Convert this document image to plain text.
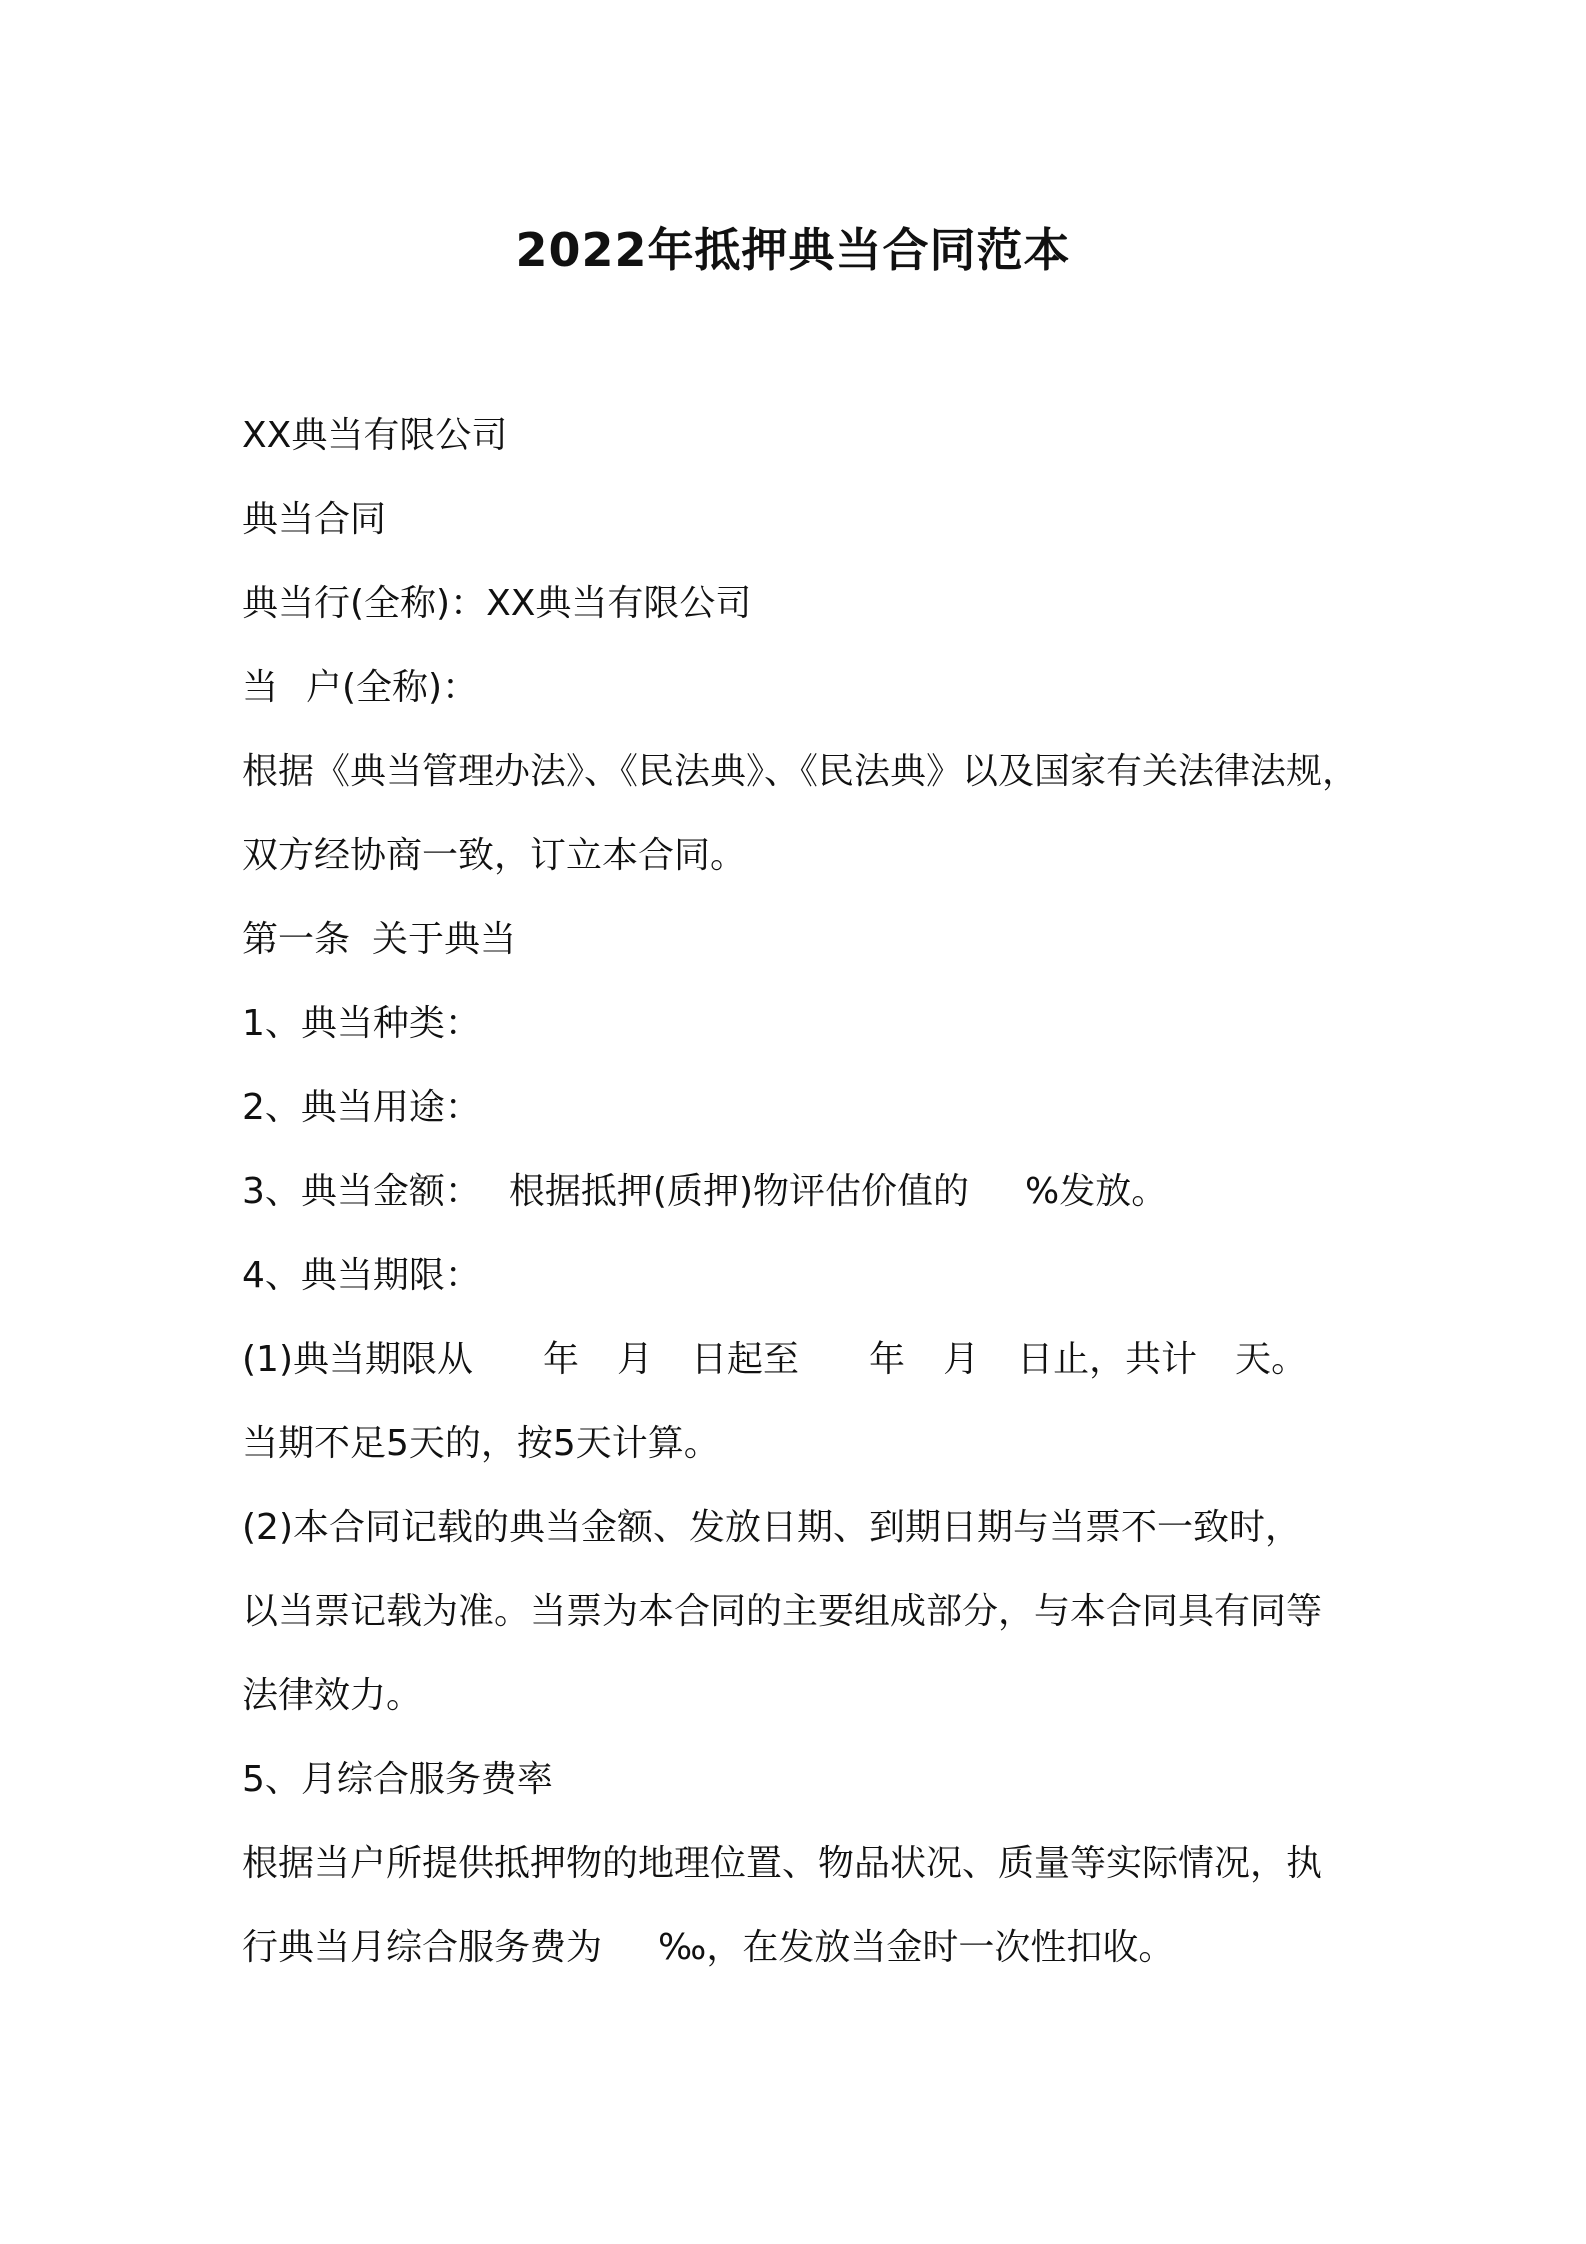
2022年抵押典当合同范本
XX典当有限公司
典当合同
典当行(全称)：XX典当有限公司
当 户(全称)：
根据《典当管理办法》、《民法典》、《民法典》以及国家有关法律法规，
双方经协商一致，订立本合同。
第一条 关于典当
1、典当种类：
2、典当用途：
3、典当金额： 根据抵押(质押)物评估价值的 %发放。
4、典当期限：
(1)典当期限从 年 月 日起至 年 月 日止，共计 天。
当期不足5天的，按5天计算。
(2)本合同记载的典当金额、发放日期、到期日期与当票不一致时，
以当票记载为准。当票为本合同的主要组成部分，与本合同具有同等
法律效力。
5、月综合服务费率
根据当户所提供抵押物的地理位置、物品状况、质量等实际情况，执
行典当月综合服务费为 ‰，在发放当金时一次性扣收。
